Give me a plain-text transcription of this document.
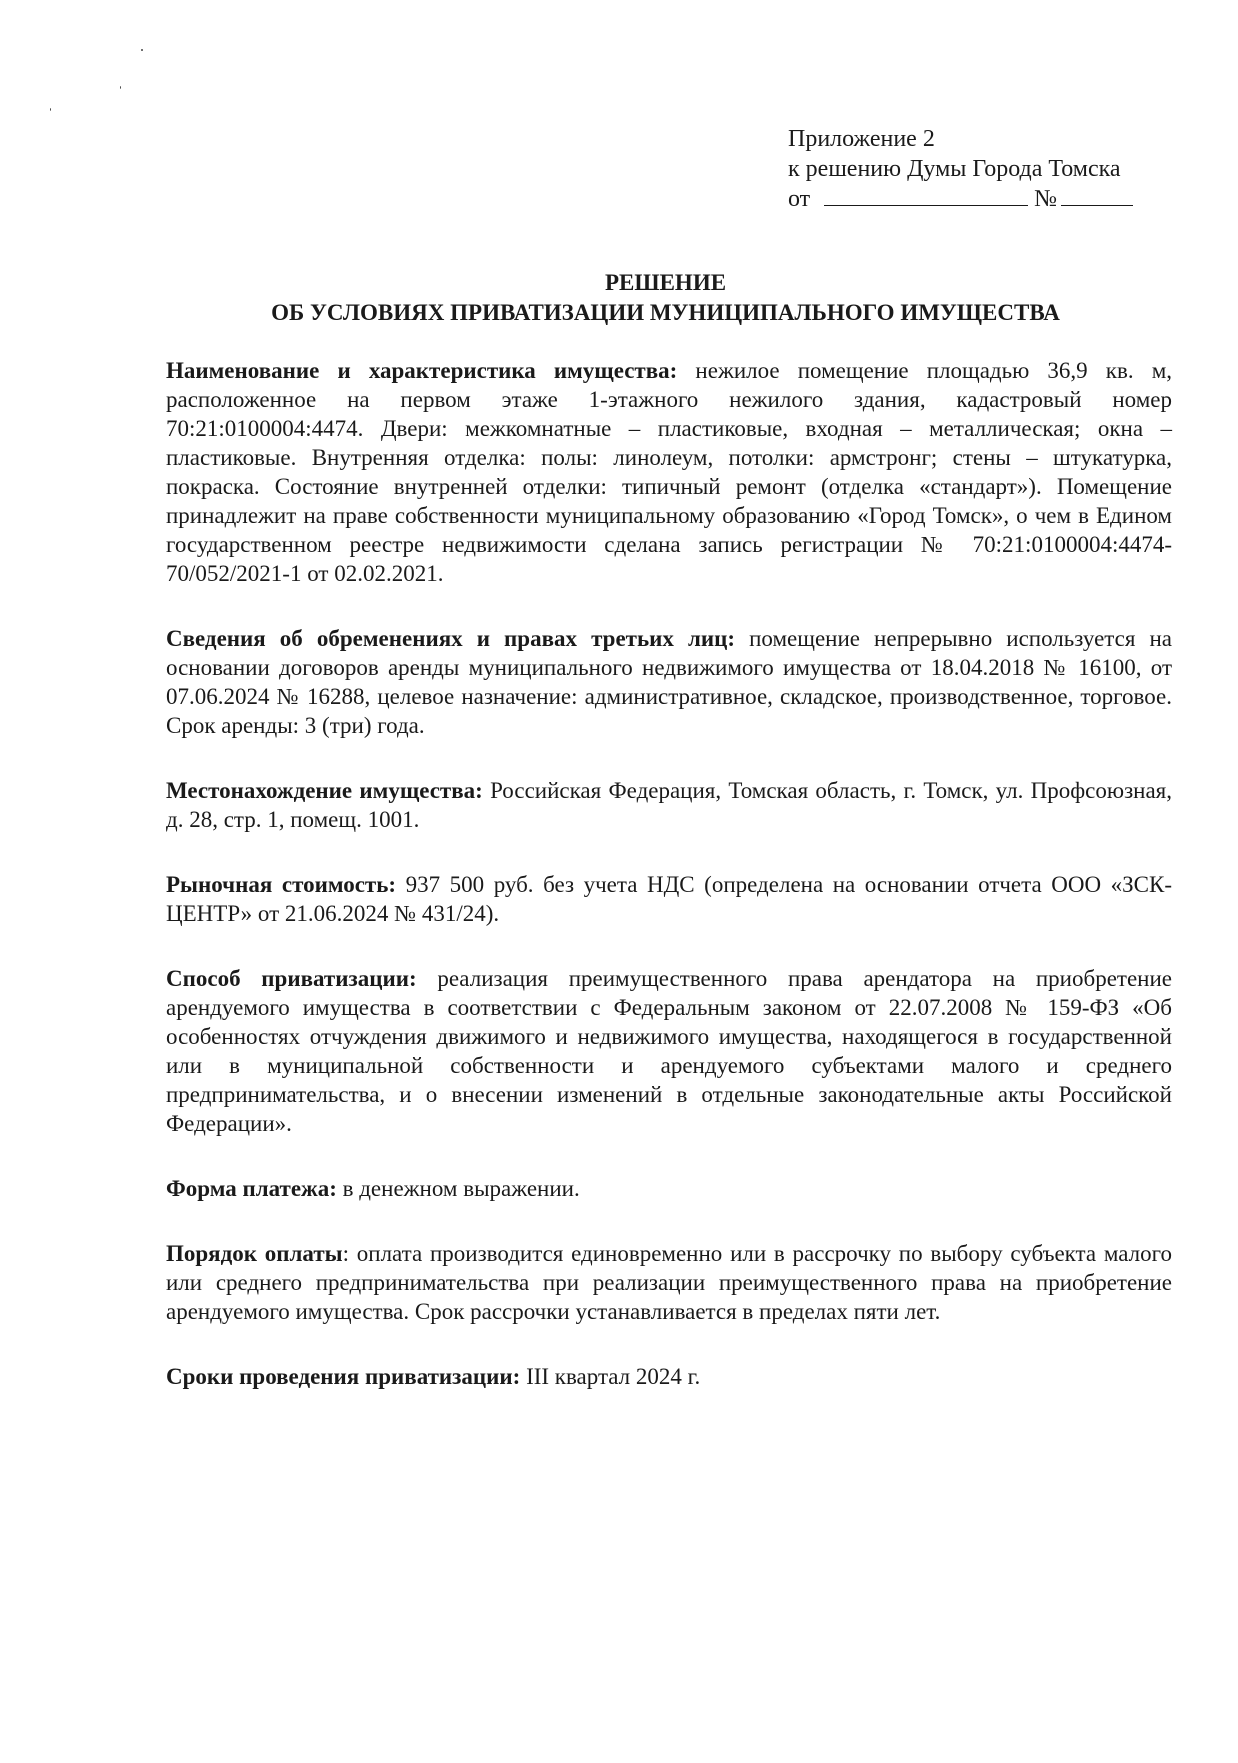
Приложение 2
к решению Думы Города Томска
от	№
РЕШЕНИЕ
ОБ УСЛОВИЯХ ПРИВАТИЗАЦИИ МУНИЦИПАЛЬНОГО ИМУЩЕСТВА

Наименование и характеристика имущества: нежилое помещение площадью 36,9 кв. м, расположенное на первом этаже 1-этажного нежилого здания, кадастровый номер 70:21:0100004:4474. Двери: межкомнатные – пластиковые, входная – металлическая; окна – пластиковые. Внутренняя отделка: полы: линолеум, потолки: армстронг; стены – штукатурка, покраска. Состояние внутренней отделки: типичный ремонт (отделка «стандарт»). Помещение принадлежит на праве собственности муниципальному образованию «Город Томск», о чем в Едином государственном реестре недвижимости сделана запись регистрации № 70:21:0100004:4474-70/052/2021-1 от 02.02.2021.

Сведения об обременениях и правах третьих лиц: помещение непрерывно используется на основании договоров аренды муниципального недвижимого имущества от 18.04.2018 № 16100, от 07.06.2024 № 16288, целевое назначение: административное, складское, производственное, торговое. Срок аренды: 3 (три) года.

Местонахождение имущества: Российская Федерация, Томская область, г. Томск, ул. Профсоюзная, д. 28, стр. 1, помещ. 1001.

Рыночная стоимость: 937 500 руб. без учета НДС (определена на основании отчета ООО «ЗСК-ЦЕНТР» от 21.06.2024 № 431/24).

Способ приватизации: реализация преимущественного права арендатора на приобретение арендуемого имущества в соответствии с Федеральным законом от 22.07.2008 № 159-ФЗ «Об особенностях отчуждения движимого и недвижимого имущества, находящегося в государственной или в муниципальной собственности и арендуемого субъектами малого и среднего предпринимательства, и о внесении изменений в отдельные законодательные акты Российской Федерации».

Форма платежа: в денежном выражении.

Порядок оплаты: оплата производится единовременно или в рассрочку по выбору субъекта малого или среднего предпринимательства при реализации преимущественного права на приобретение арендуемого имущества. Срок рассрочки устанавливается в пределах пяти лет.

Сроки проведения приватизации: III квартал 2024 г.
